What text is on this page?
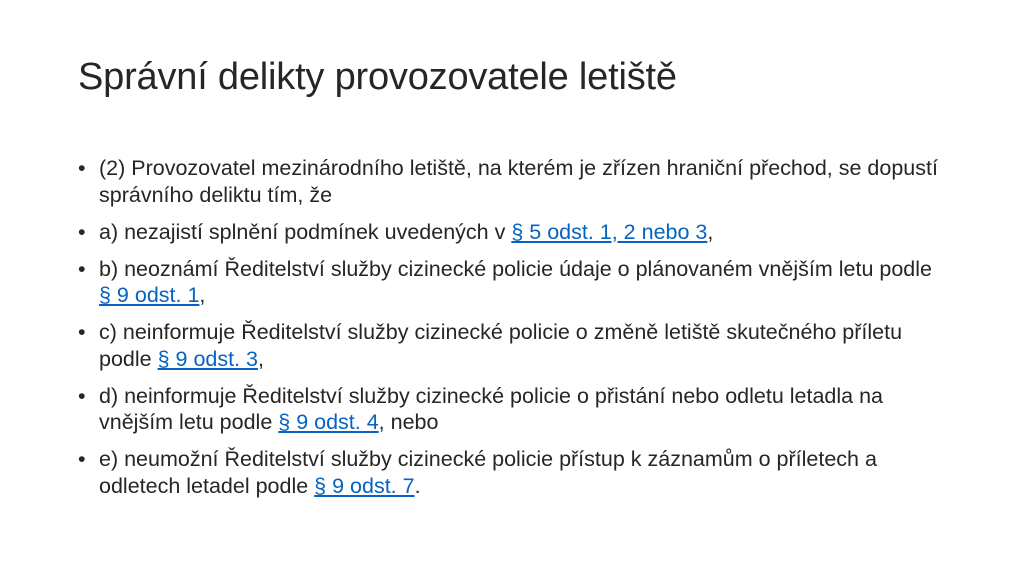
Správní delikty provozovatele letiště
• (2) Provozovatel mezinárodního letiště, na kterém je zřízen hraniční přechod, se dopustí správního deliktu tím, že
• a) nezajistí splnění podmínek uvedených v § 5 odst. 1, 2 nebo 3,
• b) neoznámí Ředitelství služby cizinecké policie údaje o plánovaném vnějším letu podle § 9 odst. 1,
• c) neinformuje Ředitelství služby cizinecké policie o změně letiště skutečného příletu podle § 9 odst. 3,
• d) neinformuje Ředitelství služby cizinecké policie o přistání nebo odletu letadla na vnějším letu podle § 9 odst. 4, nebo
• e) neumožní Ředitelství služby cizinecké policie přístup k záznamům o příletech a odletech letadel podle § 9 odst. 7.
